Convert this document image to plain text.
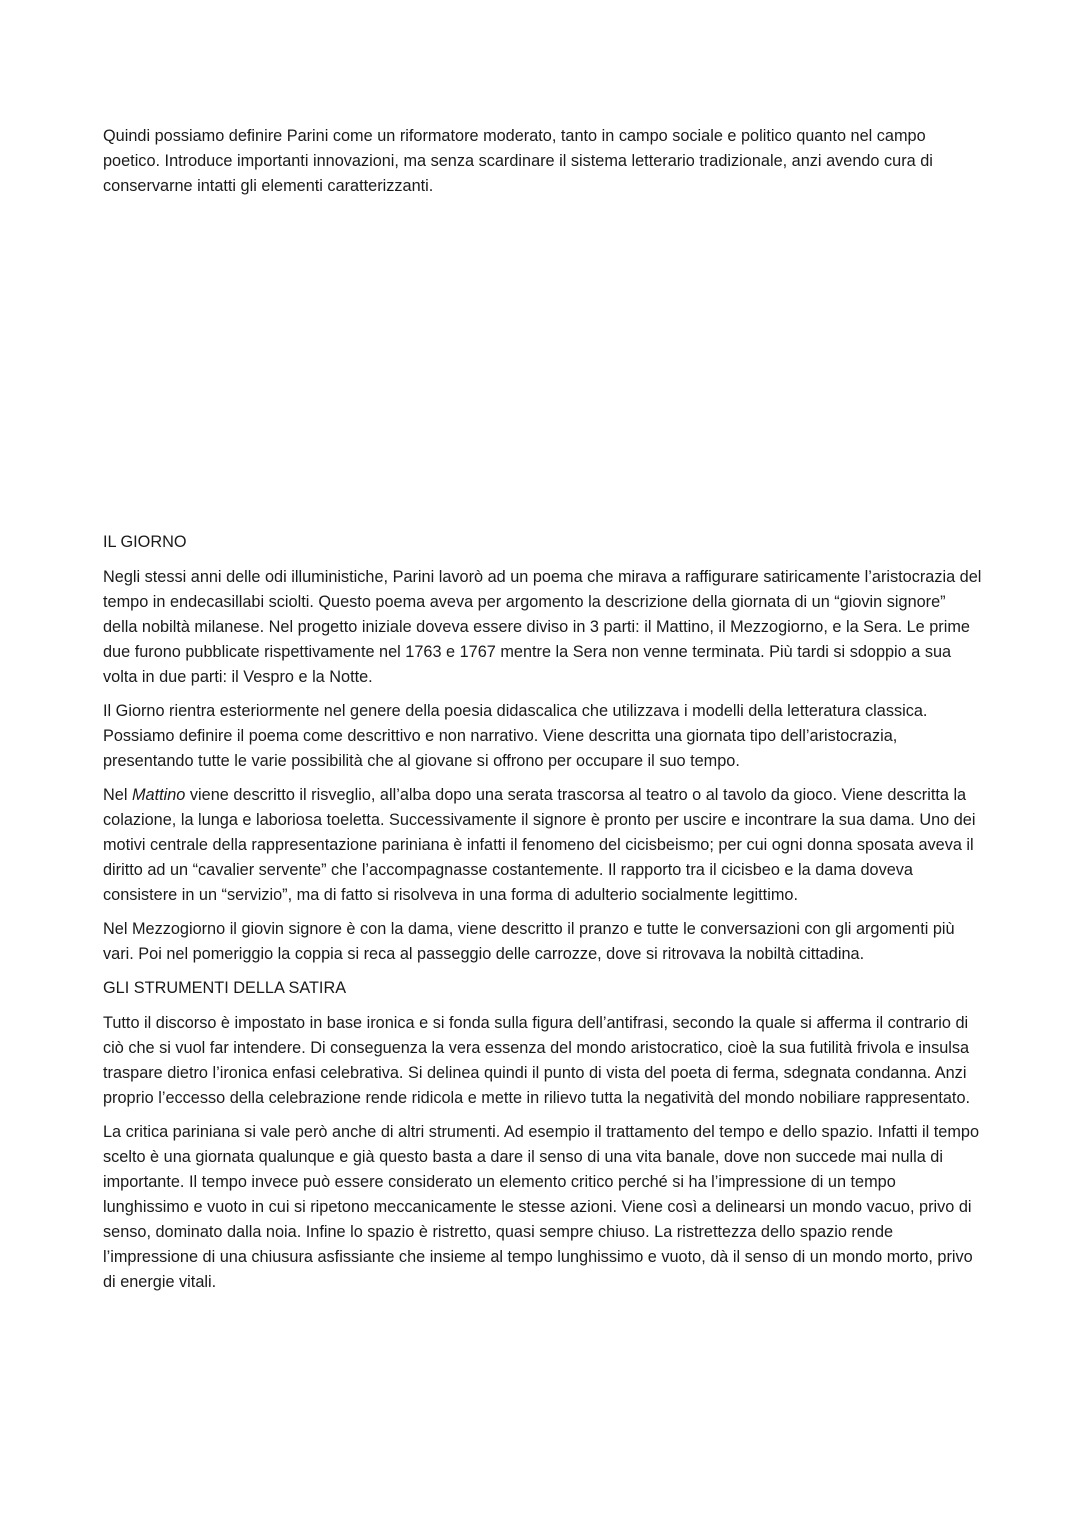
Quindi possiamo definire Parini come un riformatore moderato, tanto in campo sociale e politico quanto nel campo poetico. Introduce importanti innovazioni, ma senza scardinare il sistema letterario tradizionale, anzi avendo cura di conservarne intatti gli elementi caratterizzanti.

IL GIORNO

Negli stessi anni delle odi illuministiche, Parini lavorò ad un poema che mirava a raffigurare satiricamente l’aristocrazia del tempo in endecasillabi sciolti. Questo poema aveva per argomento la descrizione della giornata di un “giovin signore” della nobiltà milanese. Nel progetto iniziale doveva essere diviso in 3 parti: il Mattino, il Mezzogiorno, e la Sera. Le prime due furono pubblicate rispettivamente nel 1763 e 1767 mentre la Sera non venne terminata. Più tardi si sdoppio a sua volta in due parti: il Vespro e la Notte.

Il Giorno rientra esteriormente nel genere della poesia didascalica che utilizzava i modelli della letteratura classica. Possiamo definire il poema come descrittivo e non narrativo. Viene descritta una giornata tipo dell’aristocrazia, presentando tutte le varie possibilità che al giovane si offrono per occupare il suo tempo.

Nel Mattino viene descritto il risveglio, all’alba dopo una serata trascorsa al teatro o al tavolo da gioco. Viene descritta la colazione, la lunga e laboriosa toeletta. Successivamente il signore è pronto per uscire e incontrare la sua dama. Uno dei motivi centrale della rappresentazione pariniana è infatti il fenomeno del cicisbeismo; per cui ogni donna sposata aveva il diritto ad un “cavalier servente” che l’accompagnasse costantemente. Il rapporto tra il cicisbeo e la dama doveva consistere in un “servizio”, ma di fatto si risolveva in una forma di adulterio socialmente legittimo.

Nel Mezzogiorno il giovin signore è con la dama, viene descritto il pranzo e tutte le conversazioni con gli argomenti più vari. Poi nel pomeriggio la coppia si reca al passeggio delle carrozze, dove si ritrovava la nobiltà cittadina.

GLI STRUMENTI DELLA SATIRA

Tutto il discorso è impostato in base ironica e si fonda sulla figura dell’antifrasi, secondo la quale si afferma il contrario di ciò che si vuol far intendere. Di conseguenza la vera essenza del mondo aristocratico, cioè la sua futilità frivola e insulsa traspare dietro l’ironica enfasi celebrativa. Si delinea quindi il punto di vista del poeta di ferma, sdegnata condanna. Anzi proprio l’eccesso della celebrazione rende ridicola e mette in rilievo tutta la negatività del mondo nobiliare rappresentato.

La critica pariniana si vale però anche di altri strumenti. Ad esempio il trattamento del tempo e dello spazio. Infatti il tempo scelto è una giornata qualunque e già questo basta a dare il senso di una vita banale, dove non succede mai nulla di importante. Il tempo invece può essere considerato un elemento critico perché si ha l’impressione di un tempo lunghissimo e vuoto in cui si ripetono meccanicamente le stesse azioni. Viene così a delinearsi un mondo vacuo, privo di senso, dominato dalla noia. Infine lo spazio è ristretto, quasi sempre chiuso. La ristrettezza dello spazio rende l’impressione di una chiusura asfissiante che insieme al tempo lunghissimo e vuoto, dà il senso di un mondo morto, privo di energie vitali.
